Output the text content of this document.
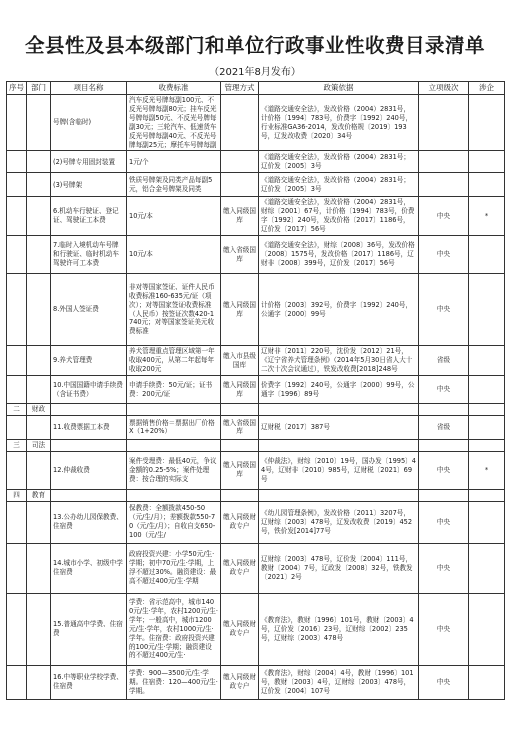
全县性及县本级部门和单位行政事业性收费目录清单
（2021年8月发布）
序号	部门	项目名称	收费标准	管理方式	政策依据	立项级次	涉企
		号牌(含临时)	汽车反光号牌每副100元、不反光号牌每副80元；挂车反光号牌每副50元、不反光号牌每副30元；三轮汽车、低速货车反光号牌每副40元、不反光号牌每副25元；摩托车号牌每副		《道路交通安全法》，发改价格（2004）2831号，计价格〔1994〕783号，价费字〔1992〕240号，行业标准GA36-2014，发改价格规〔2019〕193号，辽发改收费〔2020〕34号		
		(2)号牌专用固封装置	1元/个		《道路交通安全法》，发改价格（2004）2831号；辽价发〔2005〕3号		
		(3)号牌架	铁质号牌架及同类产品每副5元，铝合金号牌架及同类		《道路交通安全法》，发改价格（2004）2831号；辽价发〔2005〕3号		
		6.机动车行驶证、登记证、驾驶证工本费	10元/本	缴入同级国库	《道路交通安全法》，发改价格（2004）2831号，财综〔2001〕67号，计价格〔1994〕783号，价费字〔1992〕240号，发改价格〔2017〕1186号，辽价发〔2017〕56号	中央	*
		7.临时入境机动车号牌和行驶证、临时机动车驾驶许可工本费	10元/本	缴入省级国库	《道路交通安全法》，财综〔2008〕36号，发改价格〔2008〕1575号，发改价格〔2017〕1186号，辽财非〔2008〕399号，辽价发〔2017〕56号	中央	
		8.外国人签证费	非对等国家签证、证件人民币收费标准160-635元/证（项次）；对等国家签证收费标准（人民币）按签证次数420-1740元；对等国家签证美元收费标准	缴入同级国库	计价格〔2003〕392号，价费字〔1992〕240号，公通字〔2000〕99号	中央	
		9.养犬管理费	养犬管理重点管理区域第一年收取400元，从第二年起每年收取200元	缴入市县级国库	辽财非〔2011〕220号，沈价发〔2012〕21号，《辽宁省养犬管理条例》（2014年5月30日省人大十二次十次会议通过），铁发改收费[2018]248号	省级	
		10.中国国籍申请手续费（含证书费）	申请手续费：50元/证；证书费：200元/证	缴入同级国库	价费字〔1992〕240号，公通字〔2000〕99号，公通字〔1996〕89号	中央	
二	财政						
		11.收费票据工本费	票据销售价格＝票据出厂价格X（1+20%）	缴入省级国库	辽财税〔2017〕387号	省级	
三	司法						
		12.仲裁收费	案件受理费：最低40元，争议金额的0.25-5%；案件处理费：按合理的实际支	缴入同级国库	《仲裁法》，财综〔2010〕19号，国办发〔1995〕44号，辽财非〔2010〕985号，辽财税〔2021〕69号	中央	*
四	教育						
		13.公办幼儿园保教费、住宿费	保教费：全额拨款450-50（元/生/月）；差额拨款550-70（元/生/月）；自收自支650-100（元/生/	缴入同级财政专户	《幼儿园管理条例》，发改价格〔2011〕3207号，辽财综〔2003〕478号，辽发改收费〔2019〕452号，铁价发[2014]77号	中央	
		14.城市小学、初级中学住宿费	政府投资兴建：小学50元/生·学期；初中70元/生·学期，上浮不超过30%。融资建设：最高不超过400元/生·学期	缴入同级财政专户	辽财综〔2003〕478号，辽价发〔2004〕111号，教财〔2004〕7号，辽政发〔2008〕32号，铁教发〔2021〕2号	中央	
		15.普通高中学费、住宿费	学费：省示范高中，城市1400元/生·学年，农村1200元/生·学年；一般高中，城市1200元/生·学年，农村1000元/生·学年。住宿费：政府投资兴建的100元/生·学期；融资建设的不超过400元/生·	缴入同级财政专户	《教育法》，教财〔1996〕101号，教财〔2003〕4号，辽价发〔2016〕23号，辽财综〔2002〕235号，辽财综〔2003〕478号	中央	
		16.中等职业学校学费、住宿费	学费：900—3500元/生·学期。住宿费：120—400元/生·学期。	缴入同级财政专户	《教育法》，财综〔2004〕4号，教财〔1996〕101号，教财〔2003〕4号，辽财综〔2003〕478号，辽价发〔2004〕107号	中央	
